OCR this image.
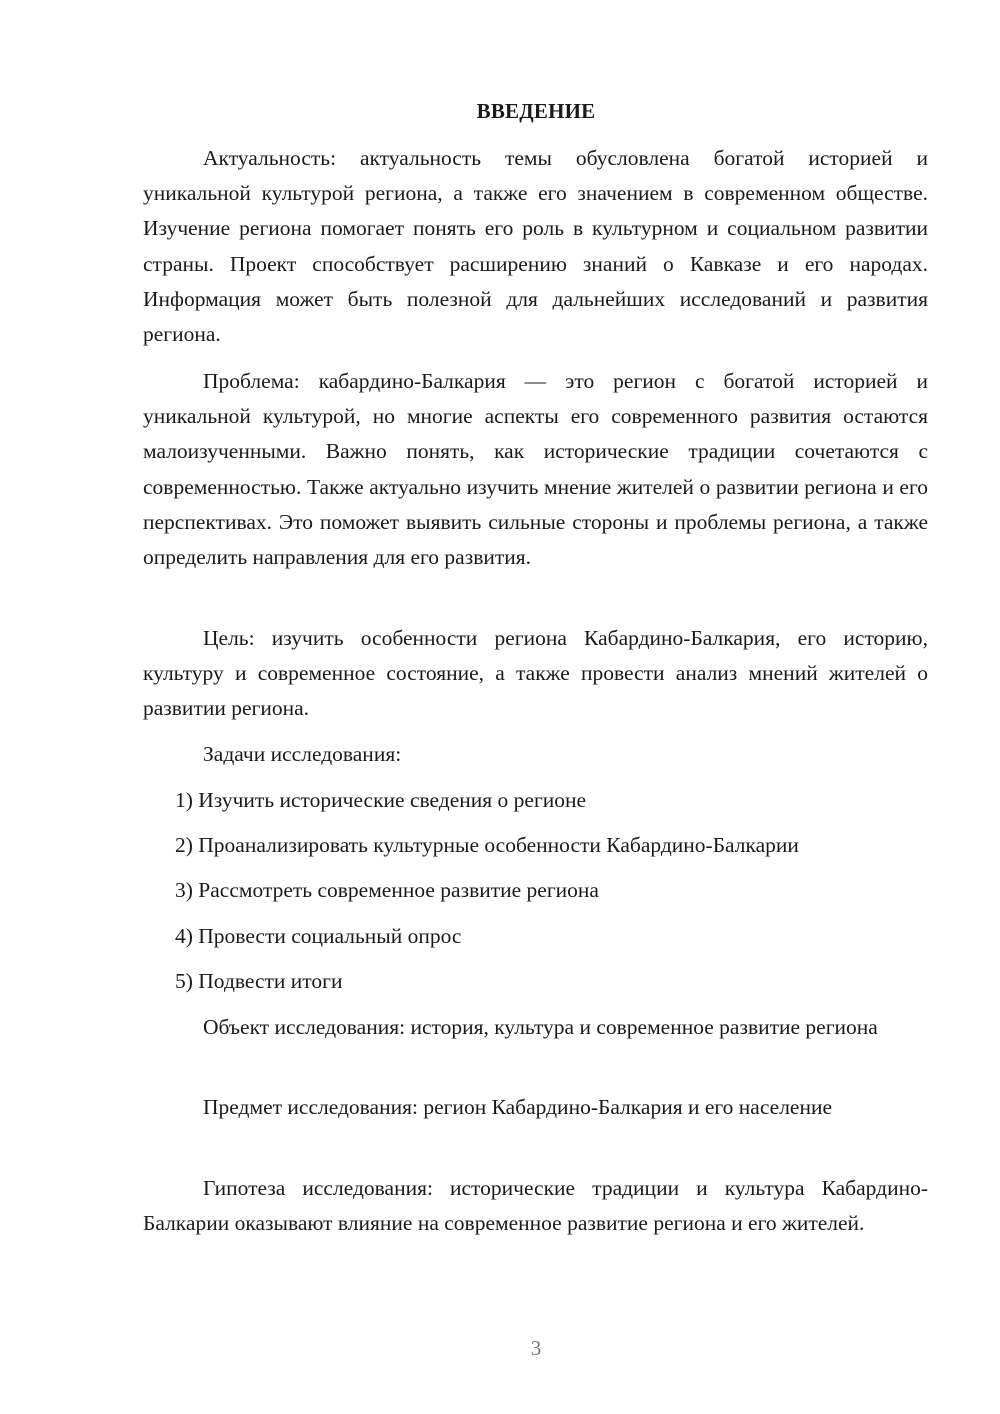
ВВЕДЕНИЕ

Актуальность: актуальность темы обусловлена богатой историей и уникальной культурой региона, а также его значением в современном обществе. Изучение региона помогает понять его роль в культурном и социальном развитии страны. Проект способствует расширению знаний о Кавказе и его народах. Информация может быть полезной для дальнейших исследований и развития региона.

Проблема: кабардино-Балкария — это регион с богатой историей и уникальной культурой, но многие аспекты его современного развития остаются малоизученными. Важно понять, как исторические традиции сочетаются с современностью. Также актуально изучить мнение жителей о развитии региона и его перспективах. Это поможет выявить сильные стороны и проблемы региона, а также определить направления для его развития.

Цель: изучить особенности региона Кабардино-Балкария, его историю, культуру и современное состояние, а также провести анализ мнений жителей о развитии региона.

Задачи исследования:

1) Изучить исторические сведения о регионе

2) Проанализировать культурные особенности Кабардино-Балкарии

3) Рассмотреть современное развитие региона

4) Провести социальный опрос

5) Подвести итоги

Объект исследования: история, культура и современное развитие региона

Предмет исследования: регион Кабардино-Балкария и его население

Гипотеза исследования: исторические традиции и культура Кабардино-Балкарии оказывают влияние на современное развитие региона и его жителей.

3
